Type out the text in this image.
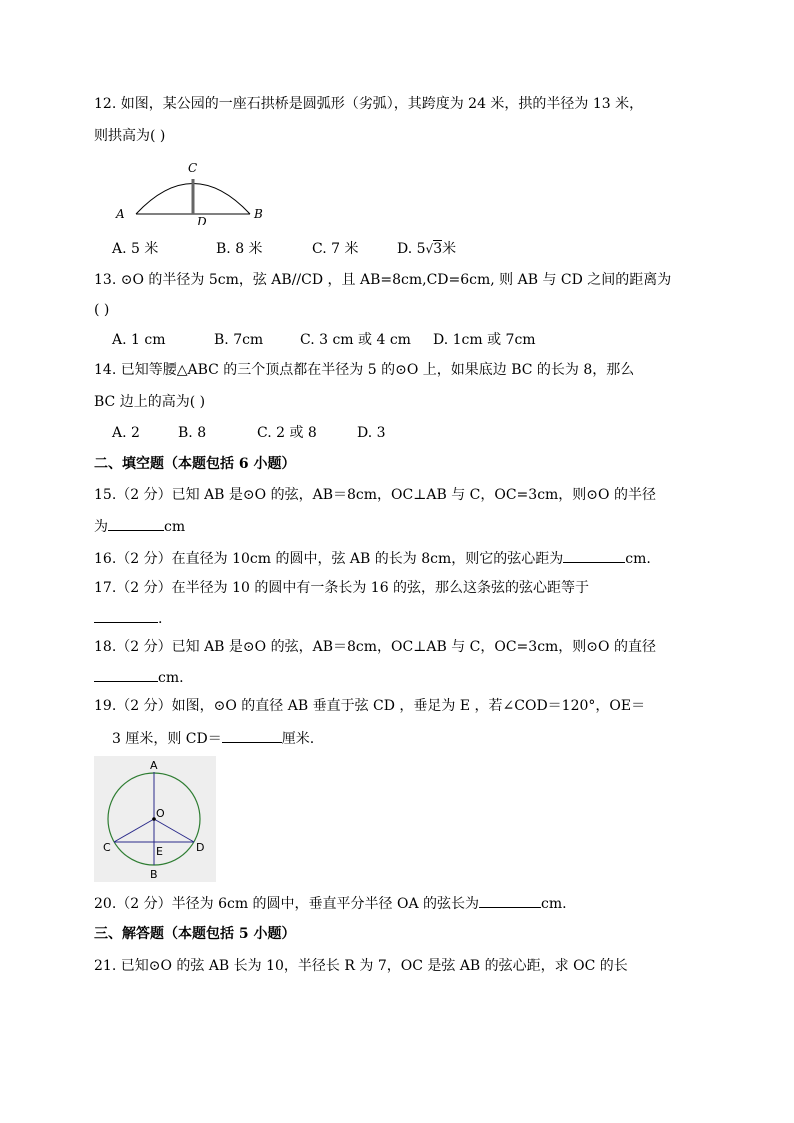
12. 如图，某公园的一座石拱桥是圆弧形（劣弧），其跨度为 24 米，拱的半径为 13 米，
则拱高为( )
A	B
C
D
A. 5 米	B. 8 米	C. 7 米	D. 5√3米
13. ⊙O 的半径为 5cm，弦 AB//CD ，且 AB=8cm,CD=6cm, 则 AB 与 CD 之间的距离为
( )
A. 1 cm	B. 7cm	C. 3 cm 或 4 cm D. 1cm 或 7cm
14. 已知等腰△ABC 的三个顶点都在半径为 5 的⊙O 上，如果底边 BC 的长为 8，那么
BC 边上的高为( )
A. 2	B. 8	C. 2 或 8	D. 3
二、填空题（本题包括 6 小题）
15.（2 分）已知 AB 是⊙O 的弦，AB＝8cm，OC⊥AB 与 C，OC=3cm，则⊙O 的半径
为	cm
16.（2 分）在直径为 10cm 的圆中，弦 AB 的长为 8cm，则它的弦心距为	cm.
17.（2 分）在半径为 10 的圆中有一条长为 16 的弦，那么这条弦的弦心距等于
.
18.（2 分）已知 AB 是⊙O 的弦，AB＝8cm，OC⊥AB 与 C，OC=3cm，则⊙O 的直径
cm.
19.（2 分）如图，⊙O 的直径 AB 垂直于弦 CD ，垂足为 E ，若∠COD＝120°，OE＝
3 厘米，则 CD＝	厘米.
A
B
C	D
E
O
20.（2 分）半径为 6cm 的圆中，垂直平分半径 OA 的弦长为	cm.
三、解答题（本题包括 5 小题）
21. 已知⊙O 的弦 AB 长为 10，半径长 R 为 7，OC 是弦 AB 的弦心距，求 OC 的长
